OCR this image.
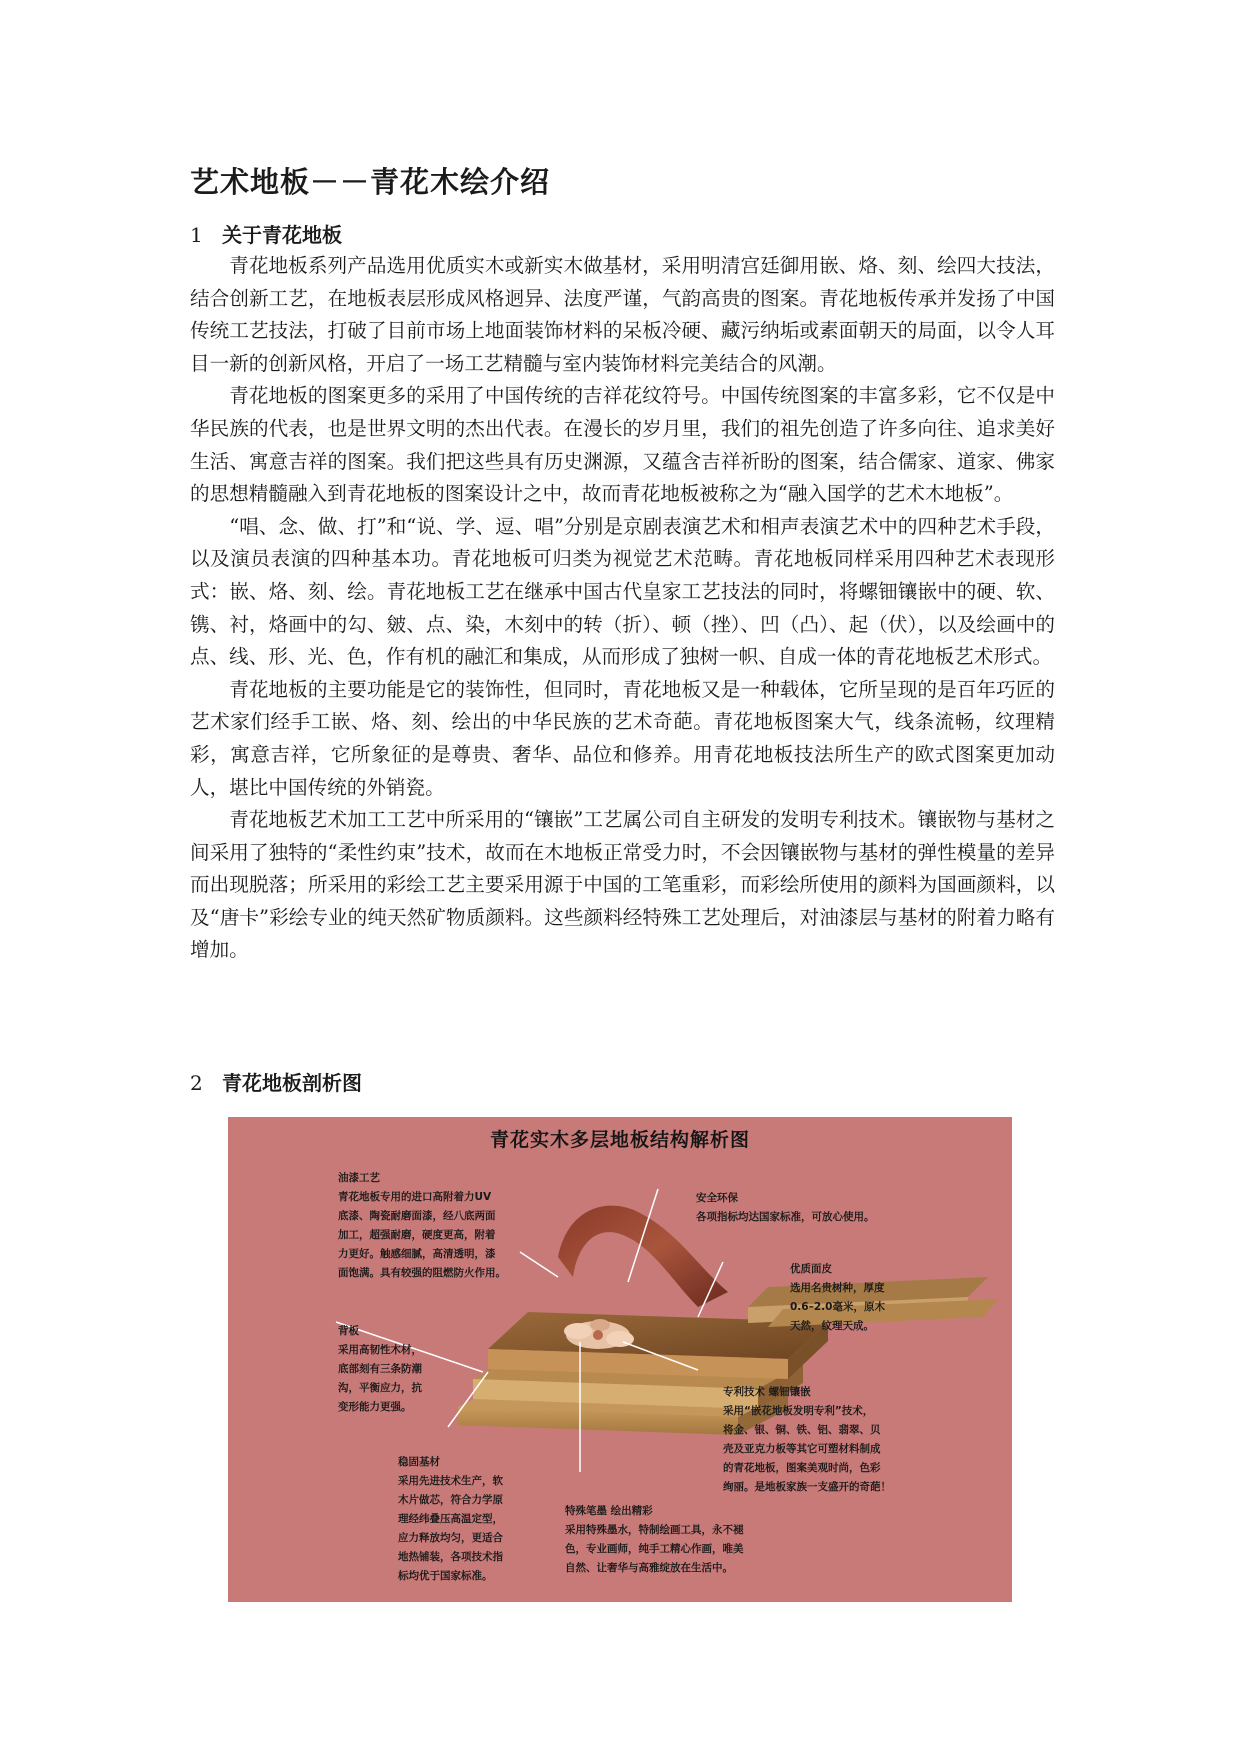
艺术地板－－青花木绘介绍
1 关于青花地板

青花地板系列产品选用优质实木或新实木做基材，采用明清宫廷御用嵌、烙、刻、绘四大技法，结合创新工艺，在地板表层形成风格迥异、法度严谨，气韵高贵的图案。青花地板传承并发扬了中国传统工艺技法，打破了目前市场上地面装饰材料的呆板冷硬、藏污纳垢或素面朝天的局面，以令人耳目一新的创新风格，开启了一场工艺精髓与室内装饰材料完美结合的风潮。

青花地板的图案更多的采用了中国传统的吉祥花纹符号。中国传统图案的丰富多彩，它不仅是中华民族的代表，也是世界文明的杰出代表。在漫长的岁月里，我们的祖先创造了许多向往、追求美好生活、寓意吉祥的图案。我们把这些具有历史渊源，又蕴含吉祥祈盼的图案，结合儒家、道家、佛家的思想精髓融入到青花地板的图案设计之中，故而青花地板被称之为“融入国学的艺术木地板”。

“唱、念、做、打”和“说、学、逗、唱”分别是京剧表演艺术和相声表演艺术中的四种艺术手段，以及演员表演的四种基本功。青花地板可归类为视觉艺术范畴。青花地板同样采用四种艺术表现形式：嵌、烙、刻、绘。青花地板工艺在继承中国古代皇家工艺技法的同时，将螺钿镶嵌中的硬、软、镌、衬，烙画中的勾、皴、点、染，木刻中的转（折）、顿（挫）、凹（凸）、起（伏），以及绘画中的点、线、形、光、色，作有机的融汇和集成，从而形成了独树一帜、自成一体的青花地板艺术形式。

青花地板的主要功能是它的装饰性，但同时，青花地板又是一种载体，它所呈现的是百年巧匠的艺术家们经手工嵌、烙、刻、绘出的中华民族的艺术奇葩。青花地板图案大气，线条流畅，纹理精彩，寓意吉祥，它所象征的是尊贵、奢华、品位和修养。用青花地板技法所生产的欧式图案更加动人，堪比中国传统的外销瓷。

青花地板艺术加工工艺中所采用的“镶嵌”工艺属公司自主研发的发明专利技术。镶嵌物与基材之间采用了独特的“柔性约束”技术，故而在木地板正常受力时，不会因镶嵌物与基材的弹性模量的差异而出现脱落；所采用的彩绘工艺主要采用源于中国的工笔重彩，而彩绘所使用的颜料为国画颜料，以及“唐卡”彩绘专业的纯天然矿物质颜料。这些颜料经特殊工艺处理后，对油漆层与基材的附着力略有增加。

2 青花地板剖析图
青花实木多层地板结构解析图
油漆工艺
青花地板专用的进口高附着力UV
底漆、陶瓷耐磨面漆，经八底两面
加工，超强耐磨，硬度更高，附着
力更好。触感细腻，高清透明，漆
面饱满。具有较强的阻燃防火作用。
安全环保
各项指标均达国家标准，可放心使用。
优质面皮
选用名贵树种，厚度
0.6–2.0毫米，原木
天然，纹理天成。
背板
采用高韧性木材，
底部刻有三条防潮
沟，平衡应力，抗
变形能力更强。
专利技术 螺钿镶嵌
采用“嵌花地板发明专利”技术，
将金、银、铜、铁、铝、翡翠、贝
壳及亚克力板等其它可塑材料制成
的青花地板，图案美观时尚，色彩
绚丽。是地板家族一支盛开的奇葩！
稳固基材
采用先进技术生产，软
木片做芯，符合力学原
理经纬叠压高温定型，
应力释放均匀，更适合
地热铺装，各项技术指
标均优于国家标准。
特殊笔墨 绘出精彩
采用特殊墨水，特制绘画工具，永不褪
色，专业画师，纯手工精心作画，唯美
自然、让奢华与高雅绽放在生活中。
